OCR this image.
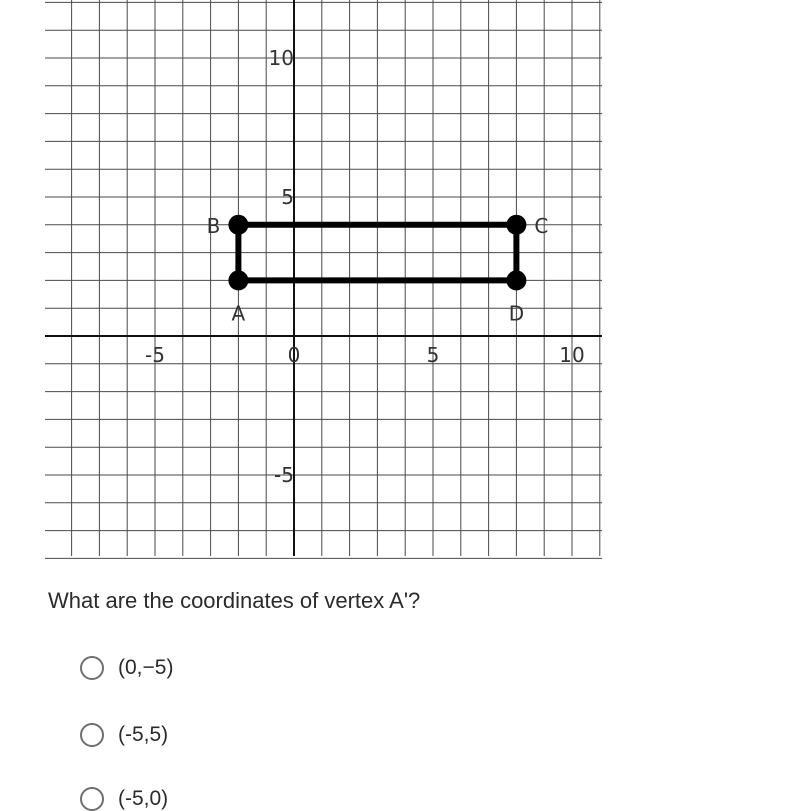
-5	0	5	10
10
5
-5
A
B	C
D

What are the coordinates of vertex A'?

(0,−5)
(-5,5)
(-5,0)
